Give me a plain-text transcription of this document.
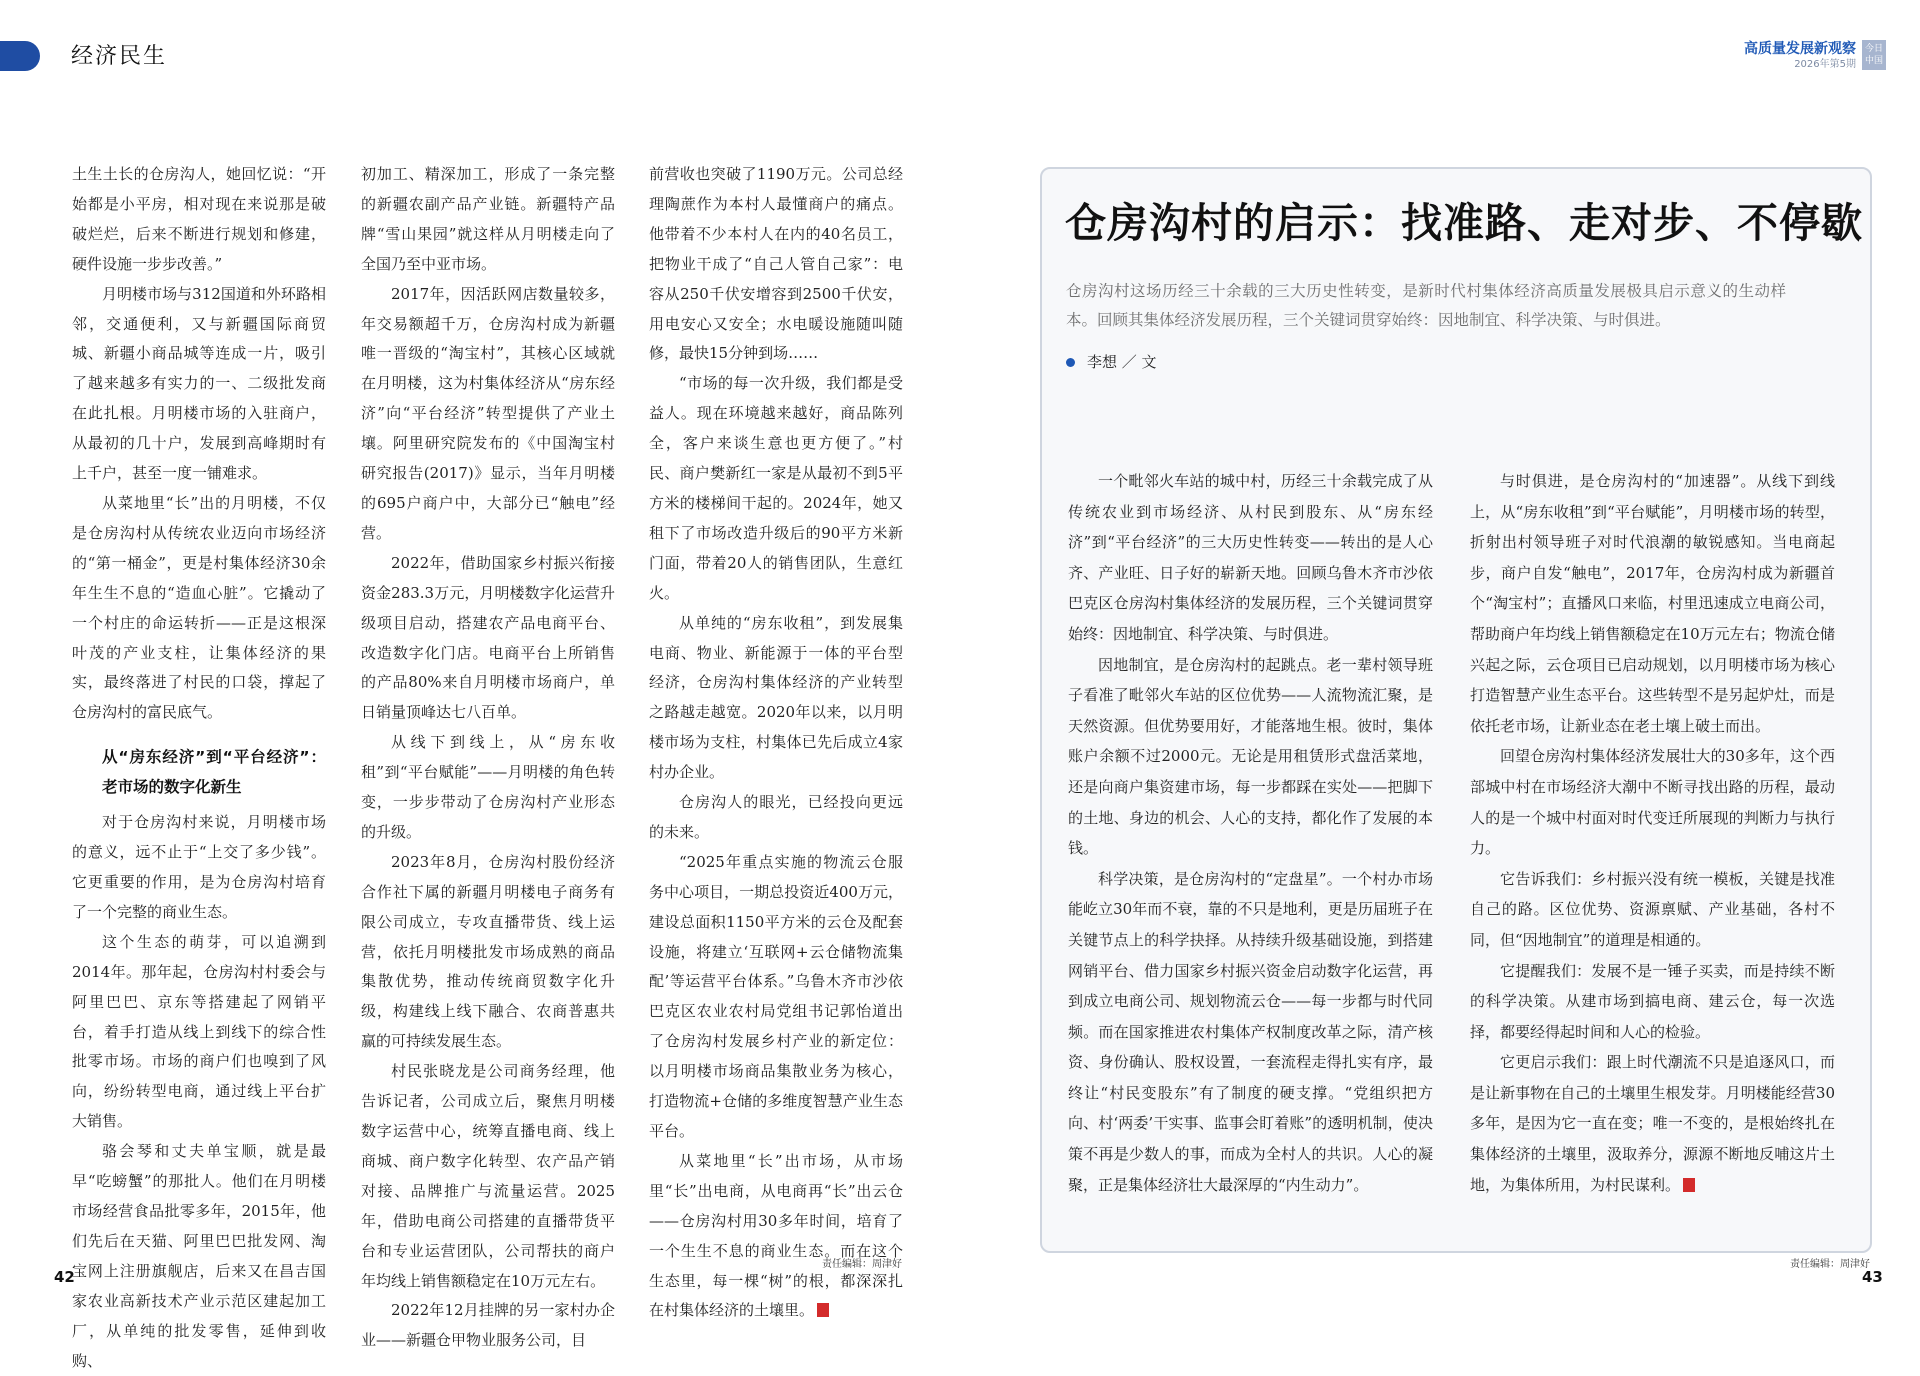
经济民生	高质量发展新观察
2026年第5期
今日中国

土生土长的仓房沟人，她回忆说：“开始都是小平房，相对现在来说那是破破烂烂，后来不断进行规划和修建，硬件设施一步步改善。”

月明楼市场与312国道和外环路相邻，交通便利，又与新疆国际商贸城、新疆小商品城等连成一片，吸引了越来越多有实力的一、二级批发商在此扎根。月明楼市场的入驻商户，从最初的几十户，发展到高峰期时有上千户，甚至一度一铺难求。

从菜地里“长”出的月明楼，不仅是仓房沟村从传统农业迈向市场经济的“第一桶金”，更是村集体经济30余年生生不息的“造血心脏”。它撬动了一个村庄的命运转折——正是这根深叶茂的产业支柱，让集体经济的果实，最终落进了村民的口袋，撑起了仓房沟村的富民底气。

从“房东经济”到“平台经济”：老市场的数字化新生

对于仓房沟村来说，月明楼市场的意义，远不止于“上交了多少钱”。它更重要的作用，是为仓房沟村培育了一个完整的商业生态。

这个生态的萌芽，可以追溯到2014年。那年起，仓房沟村村委会与阿里巴巴、京东等搭建起了网销平台，着手打造从线上到线下的综合性批零市场。市场的商户们也嗅到了风向，纷纷转型电商，通过线上平台扩大销售。

骆会琴和丈夫单宝顺，就是最早“吃螃蟹”的那批人。他们在月明楼市场经营食品批零多年，2015年，他们先后在天猫、阿里巴巴批发网、淘宝网上注册旗舰店，后来又在昌吉国家农业高新技术产业示范区建起加工厂，从单纯的批发零售，延伸到收购、

初加工、精深加工，形成了一条完整的新疆农副产品产业链。新疆特产品牌“雪山果园”就这样从月明楼走向了全国乃至中亚市场。

2017年，因活跃网店数量较多，年交易额超千万，仓房沟村成为新疆唯一晋级的“淘宝村”，其核心区域就在月明楼，这为村集体经济从“房东经济”向“平台经济”转型提供了产业土壤。阿里研究院发布的《中国淘宝村研究报告(2017)》显示，当年月明楼的695户商户中，大部分已“触电”经营。

2022年，借助国家乡村振兴衔接资金283.3万元，月明楼数字化运营升级项目启动，搭建农产品电商平台、改造数字化门店。电商平台上所销售的产品80%来自月明楼市场商户，单日销量顶峰达七八百单。

从线下到线上，从“房东收租”到“平台赋能”——月明楼的角色转变，一步步带动了仓房沟村产业形态的升级。

2023年8月，仓房沟村股份经济合作社下属的新疆月明楼电子商务有限公司成立，专攻直播带货、线上运营，依托月明楼批发市场成熟的商品集散优势，推动传统商贸数字化升级，构建线上线下融合、农商普惠共赢的可持续发展生态。

村民张晓龙是公司商务经理，他告诉记者，公司成立后，聚焦月明楼数字运营中心，统筹直播电商、线上商城、商户数字化转型、农产品产销对接、品牌推广与流量运营。2025年，借助电商公司搭建的直播带货平台和专业运营团队，公司帮扶的商户年均线上销售额稳定在10万元左右。

2022年12月挂牌的另一家村办企业——新疆仓甲物业服务公司，目

前营收也突破了1190万元。公司总经理陶蔗作为本村人最懂商户的痛点。他带着不少本村人在内的40名员工，把物业干成了“自己人管自己家”：电容从250千伏安增容到2500千伏安，用电安心又安全；水电暖设施随叫随修，最快15分钟到场……

“市场的每一次升级，我们都是受益人。现在环境越来越好，商品陈列全，客户来谈生意也更方便了。”村民、商户樊新红一家是从最初不到5平方米的楼梯间干起的。2024年，她又租下了市场改造升级后的90平方米新门面，带着20人的销售团队，生意红火。

从单纯的“房东收租”，到发展集电商、物业、新能源于一体的平台型经济，仓房沟村集体经济的产业转型之路越走越宽。2020年以来，以月明楼市场为支柱，村集体已先后成立4家村办企业。

仓房沟人的眼光，已经投向更远的未来。

“2025年重点实施的物流云仓服务中心项目，一期总投资近400万元，建设总面积1150平方米的云仓及配套设施，将建立‘互联网+云仓储物流集配’等运营平台体系。”乌鲁木齐市沙依巴克区农业农村局党组书记郭怡道出了仓房沟村发展乡村产业的新定位：以月明楼市场商品集散业务为核心，打造物流+仓储的多维度智慧产业生态平台。

从菜地里“长”出市场，从市场里“长”出电商，从电商再“长”出云仓——仓房沟村用30多年时间，培育了一个生生不息的商业生态。而在这个生态里，每一棵“树”的根，都深深扎在村集体经济的土壤里。

责任编辑：周津好
42
仓房沟村的启示：找准路、走对步、不停歇
仓房沟村这场历经三十余载的三大历史性转变，是新时代村集体经济高质量发展极具启示意义的生动样本。回顾其集体经济发展历程，三个关键词贯穿始终：因地制宜、科学决策、与时俱进。
李想 ／ 文

一个毗邻火车站的城中村，历经三十余载完成了从传统农业到市场经济、从村民到股东、从“房东经济”到“平台经济”的三大历史性转变——转出的是人心齐、产业旺、日子好的崭新天地。回顾乌鲁木齐市沙依巴克区仓房沟村集体经济的发展历程，三个关键词贯穿始终：因地制宜、科学决策、与时俱进。

因地制宜，是仓房沟村的起跳点。老一辈村领导班子看准了毗邻火车站的区位优势——人流物流汇聚，是天然资源。但优势要用好，才能落地生根。彼时，集体账户余额不过2000元。无论是用租赁形式盘活菜地，还是向商户集资建市场，每一步都踩在实处——把脚下的土地、身边的机会、人心的支持，都化作了发展的本钱。

科学决策，是仓房沟村的“定盘星”。一个村办市场能屹立30年而不衰，靠的不只是地利，更是历届班子在关键节点上的科学抉择。从持续升级基础设施，到搭建网销平台、借力国家乡村振兴资金启动数字化运营，再到成立电商公司、规划物流云仓——每一步都与时代同频。而在国家推进农村集体产权制度改革之际，清产核资、身份确认、股权设置，一套流程走得扎实有序，最终让“村民变股东”有了制度的硬支撑。“党组织把方向、村‘两委’干实事、监事会盯着账”的透明机制，使决策不再是少数人的事，而成为全村人的共识。人心的凝聚，正是集体经济壮大最深厚的“内生动力”。

与时俱进，是仓房沟村的“加速器”。从线下到线上，从“房东收租”到“平台赋能”，月明楼市场的转型，折射出村领导班子对时代浪潮的敏锐感知。当电商起步，商户自发“触电”，2017年，仓房沟村成为新疆首个“淘宝村”；直播风口来临，村里迅速成立电商公司，帮助商户年均线上销售额稳定在10万元左右；物流仓储兴起之际，云仓项目已启动规划，以月明楼市场为核心打造智慧产业生态平台。这些转型不是另起炉灶，而是依托老市场，让新业态在老土壤上破土而出。

回望仓房沟村集体经济发展壮大的30多年，这个西部城中村在市场经济大潮中不断寻找出路的历程，最动人的是一个城中村面对时代变迁所展现的判断力与执行力。

它告诉我们：乡村振兴没有统一模板，关键是找准自己的路。区位优势、资源禀赋、产业基础，各村不同，但“因地制宜”的道理是相通的。

它提醒我们：发展不是一锤子买卖，而是持续不断的科学决策。从建市场到搞电商、建云仓，每一次选择，都要经得起时间和人心的检验。

它更启示我们：跟上时代潮流不只是追逐风口，而是让新事物在自己的土壤里生根发芽。月明楼能经营30多年，是因为它一直在变；唯一不变的，是根始终扎在集体经济的土壤里，汲取养分，源源不断地反哺这片土地，为集体所用，为村民谋利。

责任编辑：周津好
43
